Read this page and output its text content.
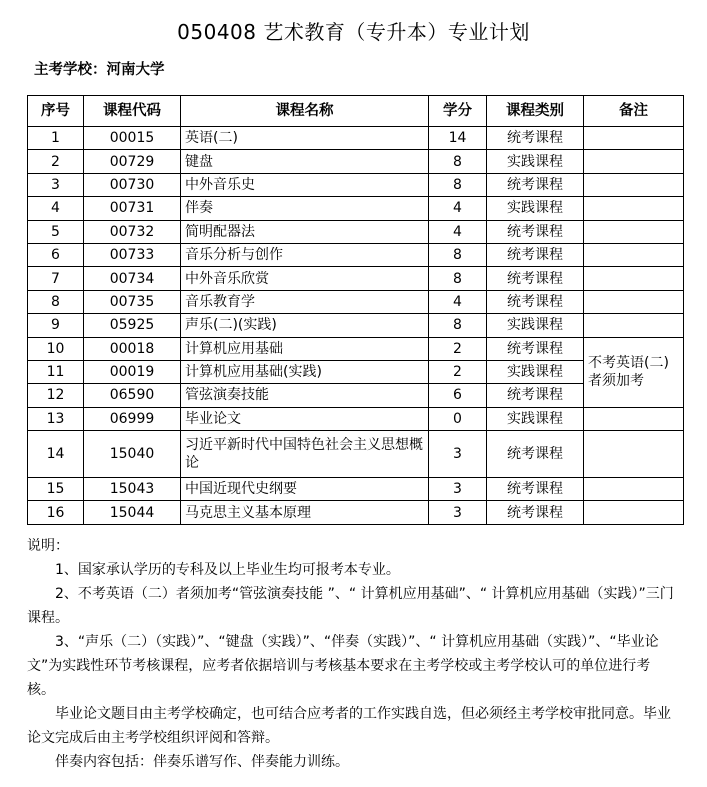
050408 艺术教育（专升本）专业计划
主考学校：河南大学
序号	课程代码	课程名称	学分	课程类别	备注
1	00015	英语(二)	14	统考课程	
2	00729	键盘	8	实践课程	
3	00730	中外音乐史	8	统考课程	
4	00731	伴奏	4	实践课程	
5	00732	简明配器法	4	统考课程	
6	00733	音乐分析与创作	8	统考课程	
7	00734	中外音乐欣赏	8	统考课程	
8	00735	音乐教育学	4	统考课程	
9	05925	声乐(二)(实践)	8	实践课程	
10	00018	计算机应用基础	2	统考课程	不考英语(二)者须加考
11	00019	计算机应用基础(实践)	2	实践课程	
12	06590	管弦演奏技能	6	统考课程	
13	06999	毕业论文	0	实践课程	
14	15040	习近平新时代中国特色社会主义思想概论	3	统考课程	
15	15043	中国近现代史纲要	3	统考课程	
16	15044	马克思主义基本原理	3	统考课程	

说明：

1、国家承认学历的专科及以上毕业生均可报考本专业。

2、不考英语（二）者须加考“管弦演奏技能 ”、“ 计算机应用基础”、“ 计算机应用基础（实践）”三门课程。

3、“声乐（二）（实践）”、“键盘（实践）”、“伴奏（实践）”、“ 计算机应用基础（实践）”、“毕业论文”为实践性环节考核课程，应考者依据培训与考核基本要求在主考学校或主考学校认可的单位进行考核。

毕业论文题目由主考学校确定，也可结合应考者的工作实践自选，但必须经主考学校审批同意。毕业论文完成后由主考学校组织评阅和答辩。

伴奏内容包括：伴奏乐谱写作、伴奏能力训练。
